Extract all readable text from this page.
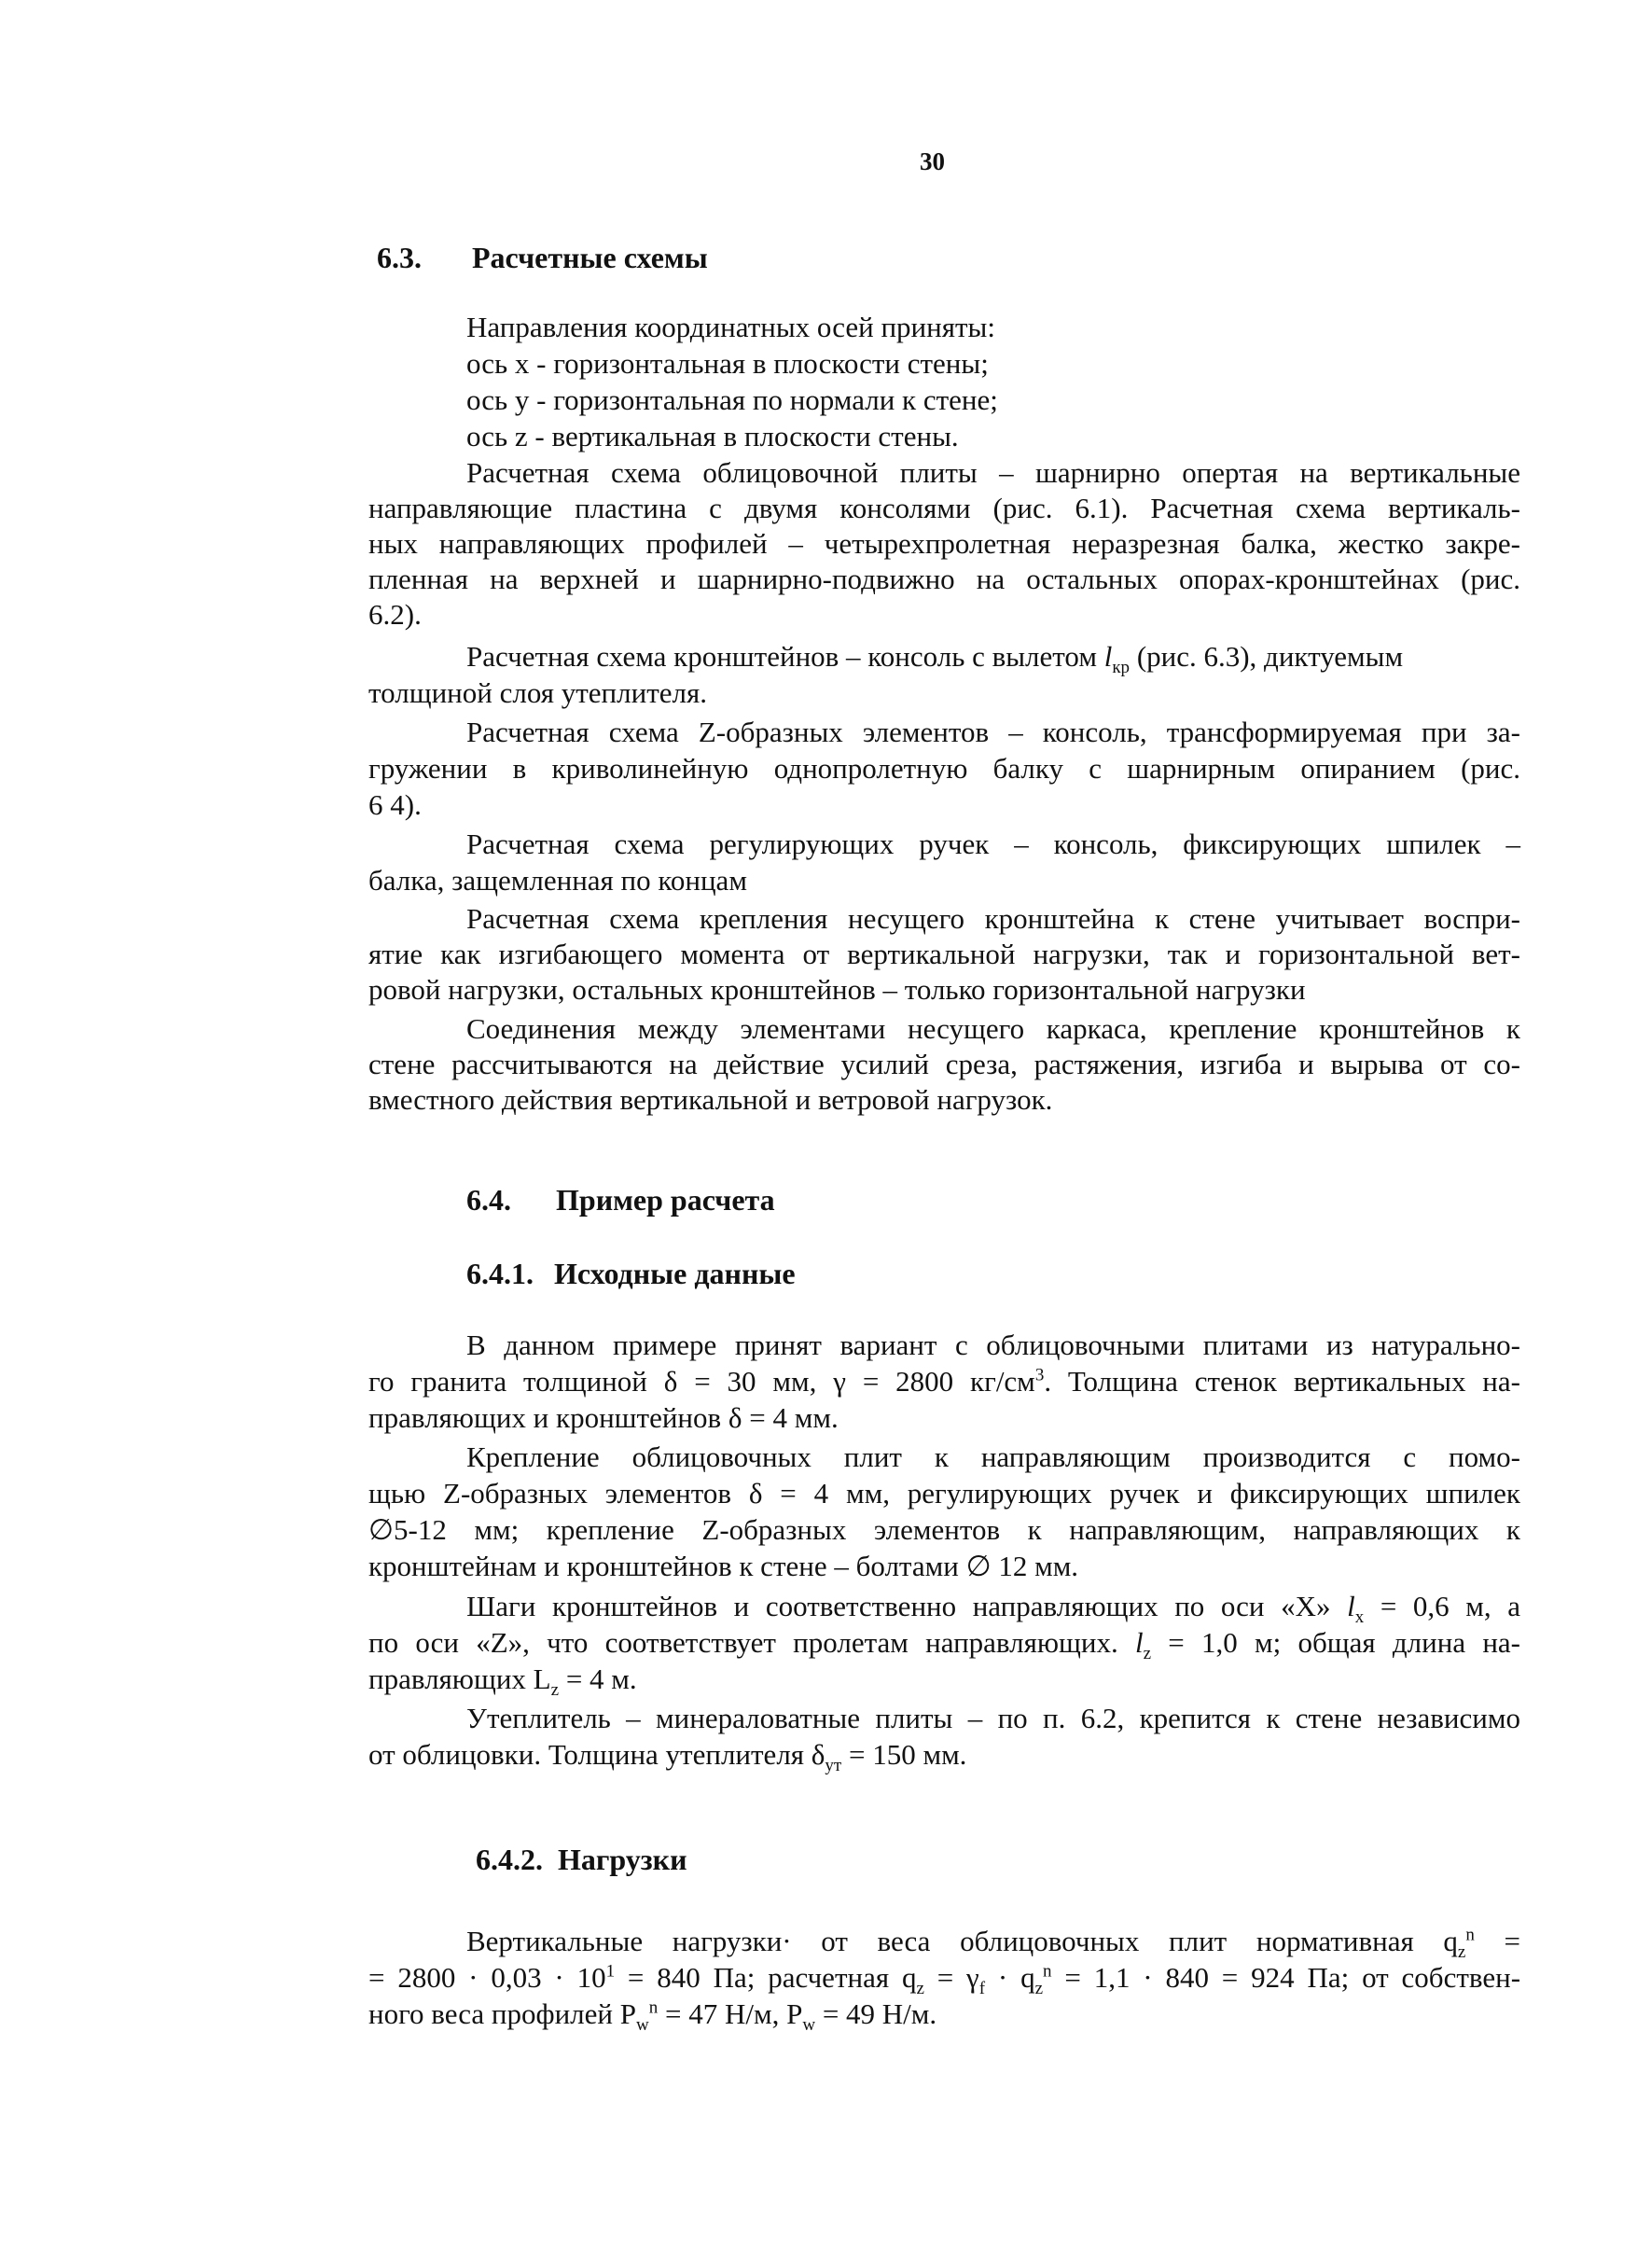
30
6.3. Расчетные схемы
Направления координатных осей приняты:
ось х - горизонтальная в плоскости стены;
ось у - горизонтальная по нормали к стене;
ось z - вертикальная в плоскости стены.
Расчетная схема облицовочной плиты – шарнирно опертая на вертикальные
направляющие пластина с двумя консолями (рис. 6.1). Расчетная схема вертикаль-
ных направляющих профилей – четырехпролетная неразрезная балка, жестко закре-
пленная на верхней и шарнирно-подвижно на остальных опорах-кронштейнах (рис.
6.2).
Расчетная схема кронштейнов – консоль с вылетом $l_{кр}$ (рис. 6.3), диктуемым
толщиной слоя утеплителя.
Расчетная схема Z-образных элементов – консоль, трансформируемая при за-
гружении в криволинейную однопролетную балку с шарнирным опиранием (рис.
6 4).
Расчетная схема регулирующих ручек – консоль, фиксирующих шпилек –
балка, защемленная по концам
Расчетная схема крепления несущего кронштейна к стене учитывает воспри-
ятие как изгибающего момента от вертикальной нагрузки, так и горизонтальной вет-
ровой нагрузки, остальных кронштейнов – только горизонтальной нагрузки
Соединения между элементами несущего каркаса, крепление кронштейнов к
стене рассчитываются на действие усилий среза, растяжения, изгиба и вырыва от со-
вместного действия вертикальной и ветровой нагрузок.
6.4. Пример расчета
6.4.1. Исходные данные
В данном примере принят вариант с облицовочными плитами из натурально-
го гранита толщиной δ = 30 мм, γ = 2800 $кг/см^3$. Толщина стенок вертикальных на-
правляющих и кронштейнов δ = 4 мм.
Крепление облицовочных плит к направляющим производится с помо-
щью Z-образных элементов δ = 4 мм, регулирующих ручек и фиксирующих шпилек
∅5-12 мм; крепление Z-образных элементов к направляющим, направляющих к
кронштейнам и кронштейнов к стене – болтами ∅ 12 мм.
Шаги кронштейнов и соответственно направляющих по оси «X» $l_x = 0,6$ м, а
по оси «Z», что соответствует пролетам направляющих. $l_z = 1,0$ м; общая длина на-
правляющих $L_z = 4$ м.
Утеплитель – минераловатные плиты – по п. 6.2, крепится к стене независимо
от облицовки. Толщина утеплителя $\delta_{ут} = 150$ мм.
6.4.2. Нагрузки
Вертикальные нагрузки· от веса облицовочных плит нормативная $q_z^n$ =
= $2800 \cdot 0,03 \cdot 10^1 = 840$ Па; расчетная $q_z = \gamma_f \cdot q_z^n = 1,1 \cdot 840 = 924$ Па; от собствен-
ного веса профилей $P_w^n = 47$ Н/м, $P_w = 49$ Н/м.
